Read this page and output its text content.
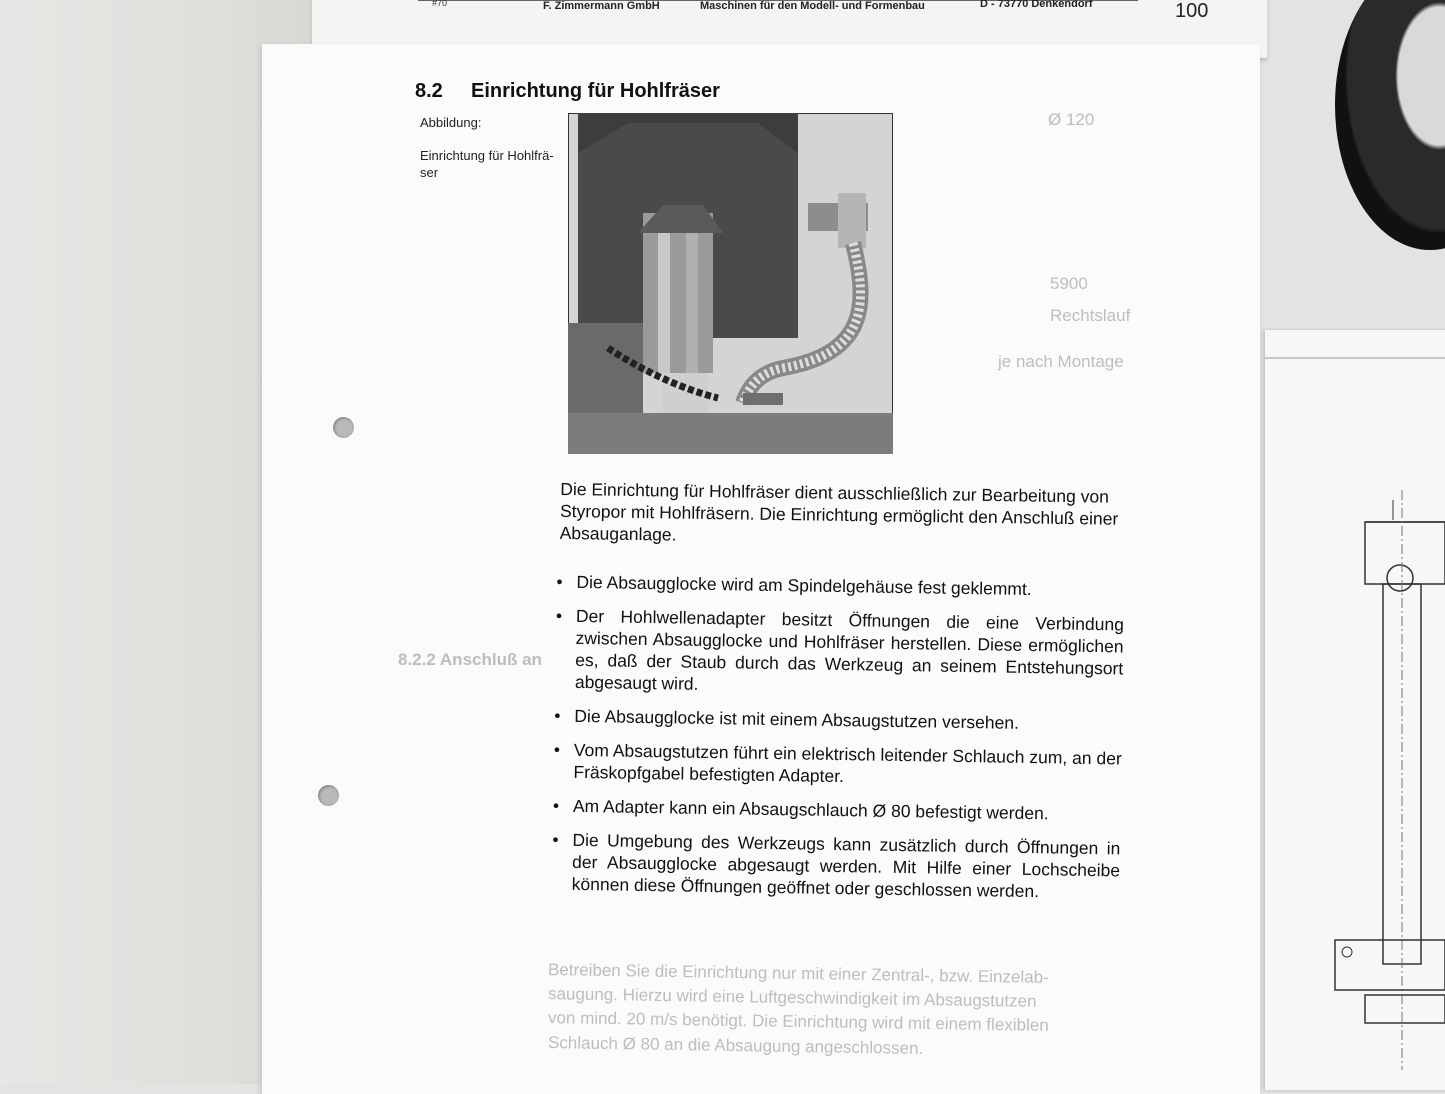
#70	F. Zimmermann GmbH	Maschinen für den Modell- und Formenbau	D - 73770 Denkendorf	100
8.2.2 Anschluß an
Ø 120
5900
Rechtslauf
je nach Montage
Betreiben Sie die Einrichtung nur mit einer Zentral-, bzw. Einzelab-
saugung. Hierzu wird eine Luftgeschwindigkeit im Absaugstutzen
von mind. 20 m/s benötigt. Die Einrichtung wird mit einem flexiblen
Schlauch Ø 80 an die Absaugung angeschlossen.
8.2 Einrichtung für Hohlfräser
Abbildung:
Einrichtung für Hohlfrä-ser
Die Einrichtung für Hohlfräser dient ausschließlich zur Bearbeitung von Styropor mit Hohlfräsern. Die Einrichtung ermöglicht den Anschluß einer Absauganlage.
• Die Absaugglocke wird am Spindelgehäuse fest geklemmt.
• Der Hohlwellenadapter besitzt Öffnungen die eine Verbindung zwischen Absaugglocke und Hohlfräser herstellen. Diese ermöglichen es, daß der Staub durch das Werkzeug an seinem Entstehungsort abgesaugt wird.
• Die Absaugglocke ist mit einem Absaugstutzen versehen.
• Vom Absaugstutzen führt ein elektrisch leitender Schlauch zum, an der Fräskopfgabel befestigten Adapter.
• Am Adapter kann ein Absaugschlauch Ø 80 befestigt werden.
• Die Umgebung des Werkzeugs kann zusätzlich durch Öffnungen in der Absaugglocke abgesaugt werden. Mit Hilfe einer Lochscheibe können diese Öffnungen geöffnet oder geschlossen werden.
